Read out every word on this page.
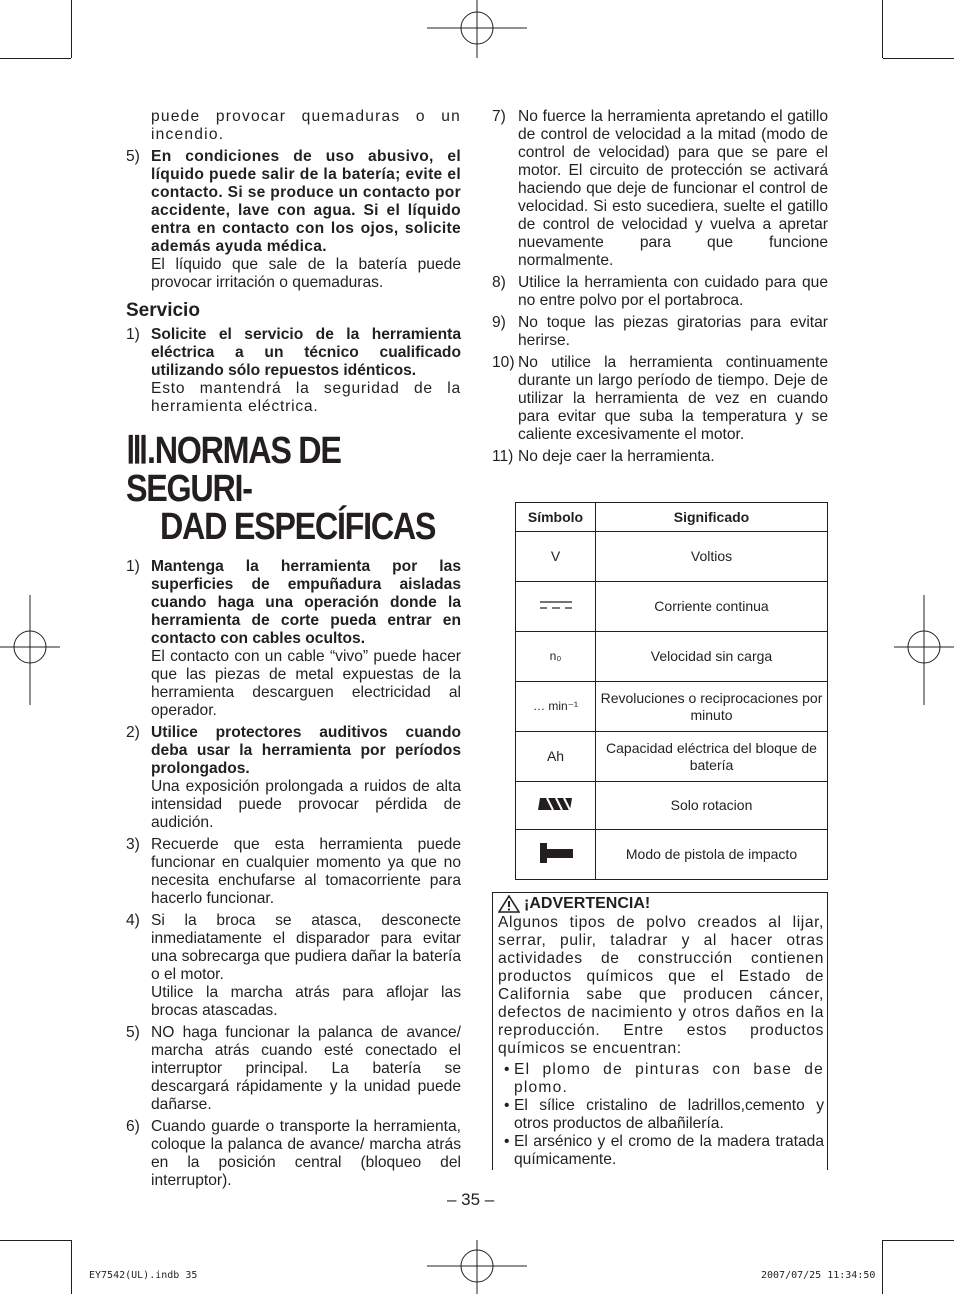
puede provocar quemaduras o un incendio.
5) En condiciones de uso abusivo, el líquido puede salir de la batería; evite el contacto. Si se produce un contacto por accidente, lave con agua. Si el líquido entra en contacto con los ojos, solicite además ayuda médica.
El líquido que sale de la batería puede provocar irritación o quemaduras.
Servicio
1) Solicite el servicio de la herramienta eléctrica a un técnico cualificado utilizando sólo repuestos idénticos.
Esto mantendrá la seguridad de la herramienta eléctrica.
Ⅲ.NORMAS DE SEGURI-
DAD ESPECÍFICAS
1) Mantenga la herramienta por las superficies de empuñadura aisladas cuando haga una operación donde la herramienta de corte pueda entrar en contacto con cables ocultos.
El contacto con un cable “vivo” puede hacer que las piezas de metal expuestas de la herramienta descarguen electricidad al operador.
2) Utilice protectores auditivos cuando deba usar la herramienta por períodos prolongados.
Una exposición prolongada a ruidos de alta intensidad puede provocar pérdida de audición.
3) Recuerde que esta herramienta puede funcionar en cualquier momento ya que no necesita enchufarse al tomacorriente para hacerlo funcionar.
4) Si la broca se atasca, desconecte inmediatamente el disparador para evitar una sobrecarga que pudiera dañar la batería o el motor.
Utilice la marcha atrás para aflojar las brocas atascadas.
5) NO haga funcionar la palanca de avance/ marcha atrás cuando esté conectado el interruptor principal. La batería se descargará rápidamente y la unidad puede dañarse.
6) Cuando guarde o transporte la herramienta, coloque la palanca de avance/ marcha atrás en la posición central (bloqueo del interruptor).
7) No fuerce la herramienta apretando el gatillo de control de velocidad a la mitad (modo de control de velocidad) para que se pare el motor. El circuito de protección se activará haciendo que deje de funcionar el control de velocidad. Si esto sucediera, suelte el gatillo de control de velocidad y vuelva a apretar nuevamente para que funcione normalmente.
8) Utilice la herramienta con cuidado para que no entre polvo por el portabroca.
9) No toque las piezas giratorias para evitar herirse.
10) No utilice la herramienta continuamente durante un largo período de tiempo. Deje de utilizar la herramienta de vez en cuando para evitar que suba la temperatura y se caliente excesivamente el motor.
11) No deje caer la herramienta.
Símbolo	Significado
V	Voltios
	Corriente continua
n₀	Velocidad sin carga
… min⁻¹	Revoluciones o reciprocaciones por minuto
Ah	Capacidad eléctrica del bloque de batería
	Solo rotacion
	Modo de pistola de impacto
¡ADVERTENCIA!
Algunos tipos de polvo creados al lijar, serrar, pulir, taladrar y al hacer otras actividades de construcción contienen productos químicos que el Estado de California sabe que producen cáncer, defectos de nacimiento y otros daños en la reproducción. Entre estos productos químicos se encuentran:
• El plomo de pinturas con base de plomo.
• El sílice cristalino de ladrillos,cemento y otros productos de albañilería.
• El arsénico y el cromo de la madera tratada químicamente.
– 35 –
EY7542(UL).indb 35	2007/07/25 11:34:50
